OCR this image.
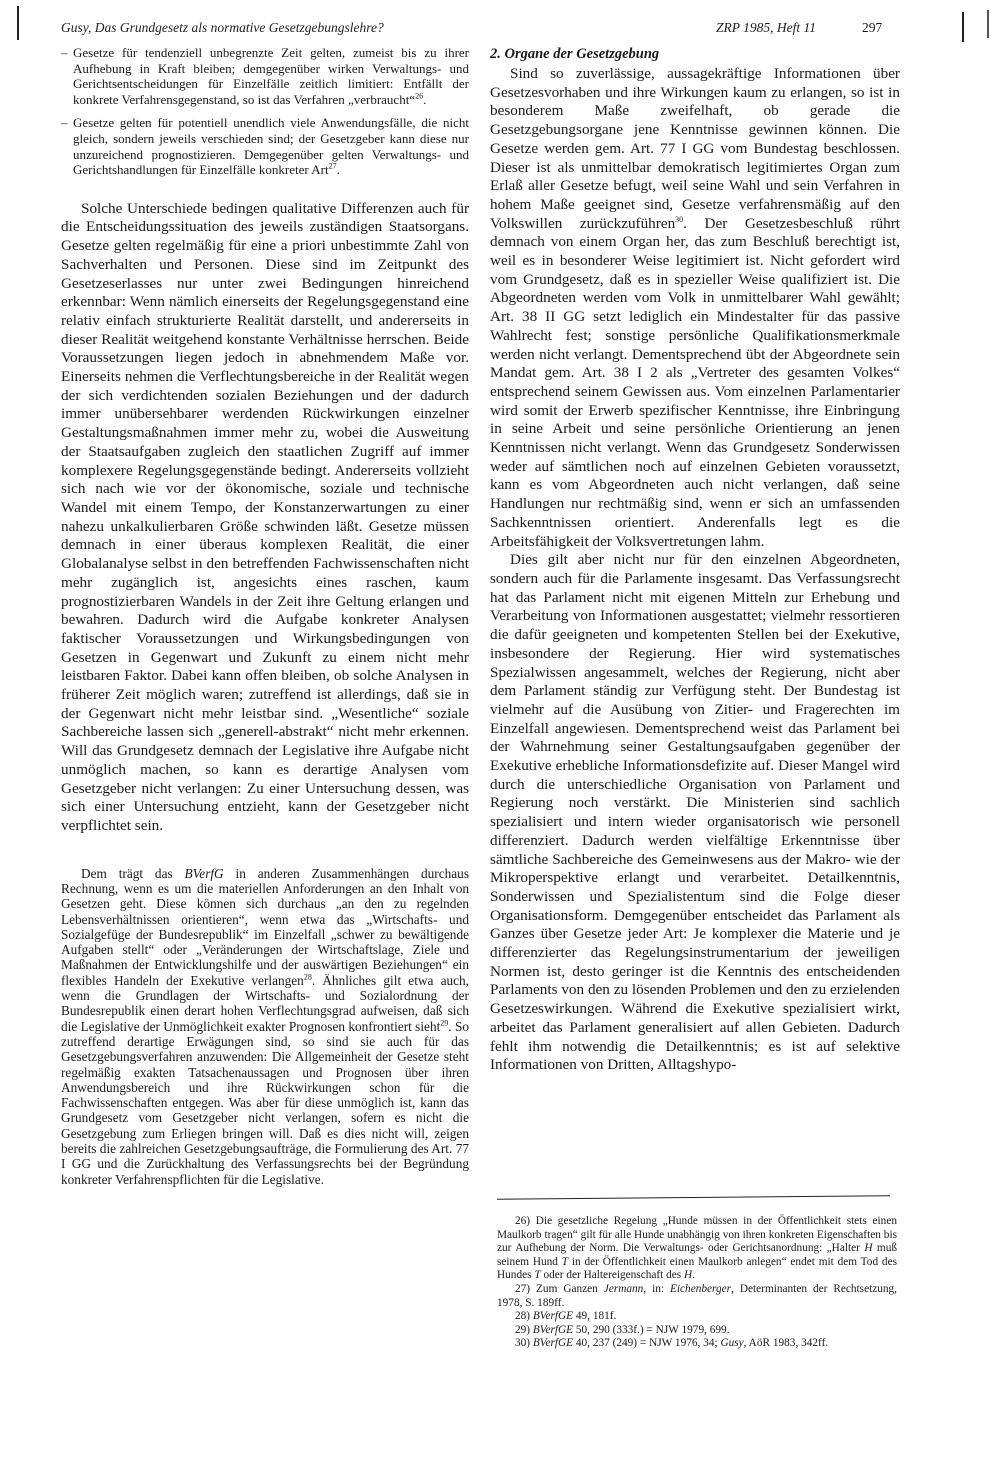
Gusy, Das Grundgesetz als normative Gesetzgebungslehre?	ZRP 1985, Heft 11	297
– Gesetze für tendenziell unbegrenzte Zeit gelten, zumeist bis zu ihrer Aufhebung in Kraft bleiben; demgegenüber wirken Verwaltungs- und Gerichtsentscheidungen für Einzelfälle zeitlich limitiert: Entfällt der konkrete Verfahrensgegenstand, so ist das Verfahren „verbraucht“$^{26}$.
– Gesetze gelten für potentiell unendlich viele Anwendungsfälle, die nicht gleich, sondern jeweils verschieden sind; der Gesetzgeber kann diese nur unzureichend prognostizieren. Demgegenüber gelten Verwaltungs- und Gerichtshandlungen für Einzelfälle konkreter Art$^{27}$.

Solche Unterschiede bedingen qualitative Differenzen auch für die Entscheidungssituation des jeweils zuständigen Staatsorgans. Gesetze gelten regelmäßig für eine a priori unbestimmte Zahl von Sachverhalten und Personen. Diese sind im Zeitpunkt des Gesetzeserlasses nur unter zwei Bedingungen hinreichend erkennbar: Wenn nämlich einerseits der Regelungsgegenstand eine relativ einfach strukturierte Realität darstellt, und andererseits in dieser Realität weitgehend konstante Verhältnisse herrschen. Beide Voraussetzungen liegen jedoch in abnehmendem Maße vor. Einerseits nehmen die Verflechtungsbereiche in der Realität wegen der sich verdichtenden sozialen Beziehungen und der dadurch immer unübersehbarer werdenden Rückwirkungen einzelner Gestaltungsmaßnahmen immer mehr zu, wobei die Ausweitung der Staatsaufgaben zugleich den staatlichen Zugriff auf immer komplexere Regelungsgegenstände bedingt. Andererseits vollzieht sich nach wie vor der ökonomische, soziale und technische Wandel mit einem Tempo, der Konstanzerwartungen zu einer nahezu unkalkulierbaren Größe schwinden läßt. Gesetze müssen demnach in einer überaus komplexen Realität, die einer Globalanalyse selbst in den betreffenden Fachwissenschaften nicht mehr zugänglich ist, angesichts eines raschen, kaum prognostizierbaren Wandels in der Zeit ihre Geltung erlangen und bewahren. Dadurch wird die Aufgabe konkreter Analysen faktischer Voraussetzungen und Wirkungsbedingungen von Gesetzen in Gegenwart und Zukunft zu einem nicht mehr leistbaren Faktor. Dabei kann offen bleiben, ob solche Analysen in früherer Zeit möglich waren; zutreffend ist allerdings, daß sie in der Gegenwart nicht mehr leistbar sind. „Wesentliche“ soziale Sachbereiche lassen sich „generell-abstrakt“ nicht mehr erkennen. Will das Grundgesetz demnach der Legislative ihre Aufgabe nicht unmöglich machen, so kann es derartige Analysen vom Gesetzgeber nicht verlangen: Zu einer Untersuchung dessen, was sich einer Untersuchung entzieht, kann der Gesetzgeber nicht verpflichtet sein.

Dem trägt das BVerfG in anderen Zusammenhängen durchaus Rechnung, wenn es um die materiellen Anforderungen an den Inhalt von Gesetzen geht. Diese können sich durchaus „an den zu regelnden Lebensverhältnissen orientieren“, wenn etwa das „Wirtschafts- und Sozialgefüge der Bundesrepublik“ im Einzelfall „schwer zu bewältigende Aufgaben stellt“ oder „Veränderungen der Wirtschaftslage, Ziele und Maßnahmen der Entwicklungshilfe und der auswärtigen Beziehungen“ ein flexibles Handeln der Exekutive verlangen$^{28}$. Ähnliches gilt etwa auch, wenn die Grundlagen der Wirtschafts- und Sozialordnung der Bundesrepublik einen derart hohen Verflechtungsgrad aufweisen, daß sich die Legislative der Unmöglichkeit exakter Prognosen konfrontiert sieht$^{29}$. So zutreffend derartige Erwägungen sind, so sind sie auch für das Gesetzgebungsverfahren anzuwenden: Die Allgemeinheit der Gesetze steht regelmäßig exakten Tatsachenaussagen und Prognosen über ihren Anwendungsbereich und ihre Rückwirkungen schon für die Fachwissenschaften entgegen. Was aber für diese unmöglich ist, kann das Grundgesetz vom Gesetzgeber nicht verlangen, sofern es nicht die Gesetzgebung zum Erliegen bringen will. Daß es dies nicht will, zeigen bereits die zahlreichen Gesetzgebungsaufträge, die Formulierung des Art. 77 I GG und die Zurückhaltung des Verfassungsrechts bei der Begründung konkreter Verfahrenspflichten für die Legislative.

2. Organe der Gesetzgebung

Sind so zuverlässige, aussagekräftige Informationen über Gesetzesvorhaben und ihre Wirkungen kaum zu erlangen, so ist in besonderem Maße zweifelhaft, ob gerade die Gesetzgebungsorgane jene Kenntnisse gewinnen können. Die Gesetze werden gem. Art. 77 I GG vom Bundestag beschlossen. Dieser ist als unmittelbar demokratisch legitimiertes Organ zum Erlaß aller Gesetze befugt, weil seine Wahl und sein Verfahren in hohem Maße geeignet sind, Gesetze verfahrensmäßig auf den Volkswillen zurückzuführen$^{30}$. Der Gesetzesbeschluß rührt demnach von einem Organ her, das zum Beschluß berechtigt ist, weil es in besonderer Weise legitimiert ist. Nicht gefordert wird vom Grundgesetz, daß es in spezieller Weise qualifiziert ist. Die Abgeordneten werden vom Volk in unmittelbarer Wahl gewählt; Art. 38 II GG setzt lediglich ein Mindestalter für das passive Wahlrecht fest; sonstige persönliche Qualifikationsmerkmale werden nicht verlangt. Dementsprechend übt der Abgeordnete sein Mandat gem. Art. 38 I 2 als „Vertreter des gesamten Volkes“ entsprechend seinem Gewissen aus. Vom einzelnen Parlamentarier wird somit der Erwerb spezifischer Kenntnisse, ihre Einbringung in seine Arbeit und seine persönliche Orientierung an jenen Kenntnissen nicht verlangt. Wenn das Grundgesetz Sonderwissen weder auf sämtlichen noch auf einzelnen Gebieten voraussetzt, kann es vom Abgeordneten auch nicht verlangen, daß seine Handlungen nur rechtmäßig sind, wenn er sich an umfassenden Sachkenntnissen orientiert. Anderenfalls legt es die Arbeitsfähigkeit der Volksvertretungen lahm.

Dies gilt aber nicht nur für den einzelnen Abgeordneten, sondern auch für die Parlamente insgesamt. Das Verfassungsrecht hat das Parlament nicht mit eigenen Mitteln zur Erhebung und Verarbeitung von Informationen ausgestattet; vielmehr ressortieren die dafür geeigneten und kompetenten Stellen bei der Exekutive, insbesondere der Regierung. Hier wird systematisches Spezialwissen angesammelt, welches der Regierung, nicht aber dem Parlament ständig zur Verfügung steht. Der Bundestag ist vielmehr auf die Ausübung von Zitier- und Fragerechten im Einzelfall angewiesen. Dementsprechend weist das Parlament bei der Wahrnehmung seiner Gestaltungsaufgaben gegenüber der Exekutive erhebliche Informationsdefizite auf. Dieser Mangel wird durch die unterschiedliche Organisation von Parlament und Regierung noch verstärkt. Die Ministerien sind sachlich spezialisiert und intern wieder organisatorisch wie personell differenziert. Dadurch werden vielfältige Erkenntnisse über sämtliche Sachbereiche des Gemeinwesens aus der Makro- wie der Mikroperspektive erlangt und verarbeitet. Detailkenntnis, Sonderwissen und Spezialistentum sind die Folge dieser Organisationsform. Demgegenüber entscheidet das Parlament als Ganzes über Gesetze jeder Art: Je komplexer die Materie und je differenzierter das Regelungsinstrumentarium der jeweiligen Normen ist, desto geringer ist die Kenntnis des entscheidenden Parlaments von den zu lösenden Problemen und den zu erzielenden Gesetzeswirkungen. Während die Exekutive spezialisiert wirkt, arbeitet das Parlament generalisiert auf allen Gebieten. Dadurch fehlt ihm notwendig die Detailkenntnis; es ist auf selektive Informationen von Dritten, Alltagshypo-

26) Die gesetzliche Regelung „Hunde müssen in der Öffentlichkeit stets einen Maulkorb tragen“ gilt für alle Hunde unabhängig von ihren konkreten Eigenschaften bis zur Aufhebung der Norm. Die Verwaltungs- oder Gerichtsanordnung: „Halter H muß seinem Hund T in der Öffentlichkeit einen Maulkorb anlegen“ endet mit dem Tod des Hundes T oder der Haltereigenschaft des H.

27) Zum Ganzen Jermann, in: Eichenberger, Determinanten der Rechtsetzung, 1978, S. 189ff.

28) BVerfGE 49, 181f.

29) BVerfGE 50, 290 (333f.) = NJW 1979, 699.

30) BVerfGE 40, 237 (249) = NJW 1976, 34; Gusy, AöR 1983, 342ff.
